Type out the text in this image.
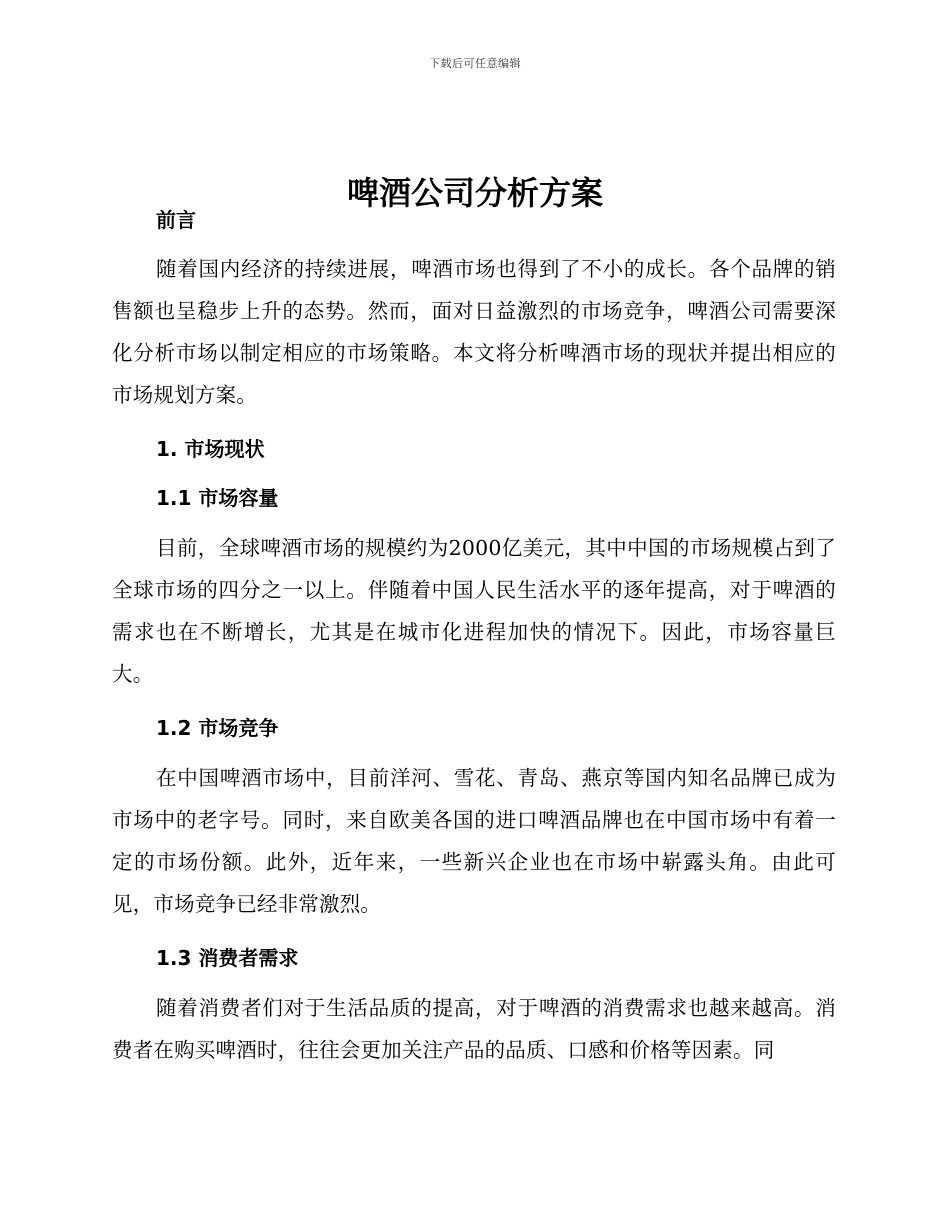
下载后可任意编辑
啤酒公司分析方案

前言

随着国内经济的持续进展，啤酒市场也得到了不小的成长。各个品牌的销售额也呈稳步上升的态势。然而，面对日益激烈的市场竞争，啤酒公司需要深化分析市场以制定相应的市场策略。本文将分析啤酒市场的现状并提出相应的市场规划方案。

1. 市场现状

1.1 市场容量

目前，全球啤酒市场的规模约为2000亿美元，其中中国的市场规模占到了全球市场的四分之一以上。伴随着中国人民生活水平的逐年提高，对于啤酒的需求也在不断增长，尤其是在城市化进程加快的情况下。因此，市场容量巨大。

1.2 市场竞争

在中国啤酒市场中，目前洋河、雪花、青岛、燕京等国内知名品牌已成为市场中的老字号。同时，来自欧美各国的进口啤酒品牌也在中国市场中有着一定的市场份额。此外，近年来，一些新兴企业也在市场中崭露头角。由此可见，市场竞争已经非常激烈。

1.3 消费者需求

随着消费者们对于生活品质的提高，对于啤酒的消费需求也越来越高。消费者在购买啤酒时，往往会更加关注产品的品质、口感和价格等因素。同
